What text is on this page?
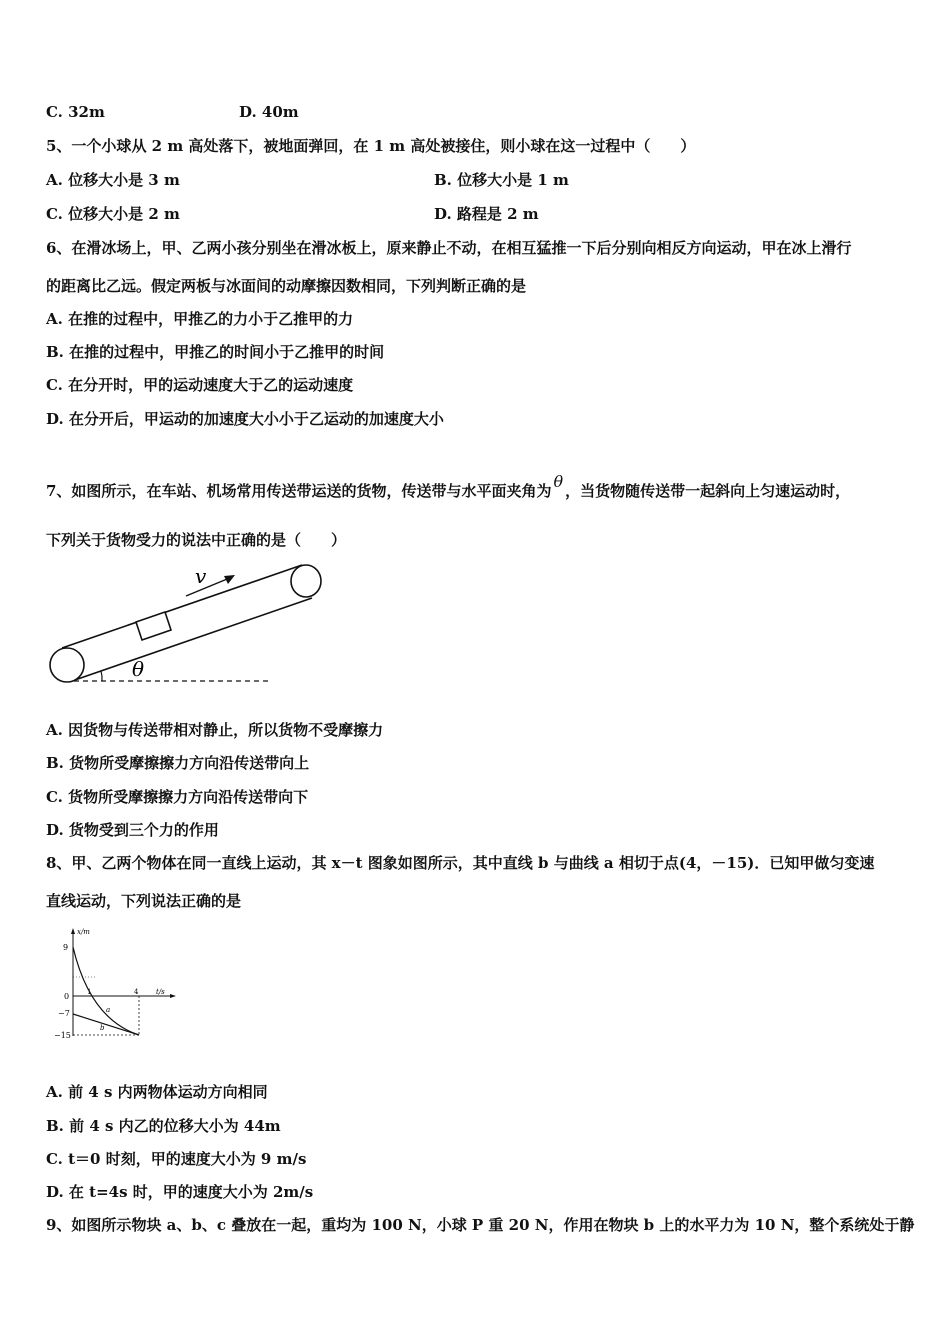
C. 32m	D. 40m
5、一个小球从 2 m 高处落下，被地面弹回，在 1 m 高处被接住，则小球在这一过程中（　　）
A. 位移大小是 3 m	B. 位移大小是 1 m
C. 位移大小是 2 m	D. 路程是 2 m
6、在滑冰场上，甲、乙两小孩分别坐在滑冰板上，原来静止不动，在相互猛推一下后分别向相反方向运动，甲在冰上滑行
的距离比乙远。假定两板与冰面间的动摩擦因数相同，下列判断正确的是
A. 在推的过程中，甲推乙的力小于乙推甲的力
B. 在推的过程中，甲推乙的时间小于乙推甲的时间
C. 在分开时，甲的运动速度大于乙的运动速度
D. 在分开后，甲运动的加速度大小小于乙运动的加速度大小
7、如图所示，在车站、机场常用传送带运送的货物，传送带与水平面夹角为 θ ，当货物随传送带一起斜向上匀速运动时，
下列关于货物受力的说法中正确的是（　　）
v
θ
A. 因货物与传送带相对静止，所以货物不受摩擦力
B. 货物所受摩擦擦力方向沿传送带向上
C. 货物所受摩擦擦力方向沿传送带向下
D. 货物受到三个力的作用
8、甲、乙两个物体在同一直线上运动，其 x－t 图象如图所示，其中直线 b 与曲线 a 相切于点(4，－15)．已知甲做匀变速
直线运动，下列说法正确的是
x/m
t/s
9
0	1	4
−7
−15
a
b
A. 前 4 s 内两物体运动方向相同
B. 前 4 s 内乙的位移大小为 44m
C. t＝0 时刻，甲的速度大小为 9 m/s
D. 在 t=4s 时，甲的速度大小为 2m/s
9、如图所示物块 a、b、c 叠放在一起，重均为 100 N，小球 P 重 20 N，作用在物块 b 上的水平力为 10 N，整个系统处于静
